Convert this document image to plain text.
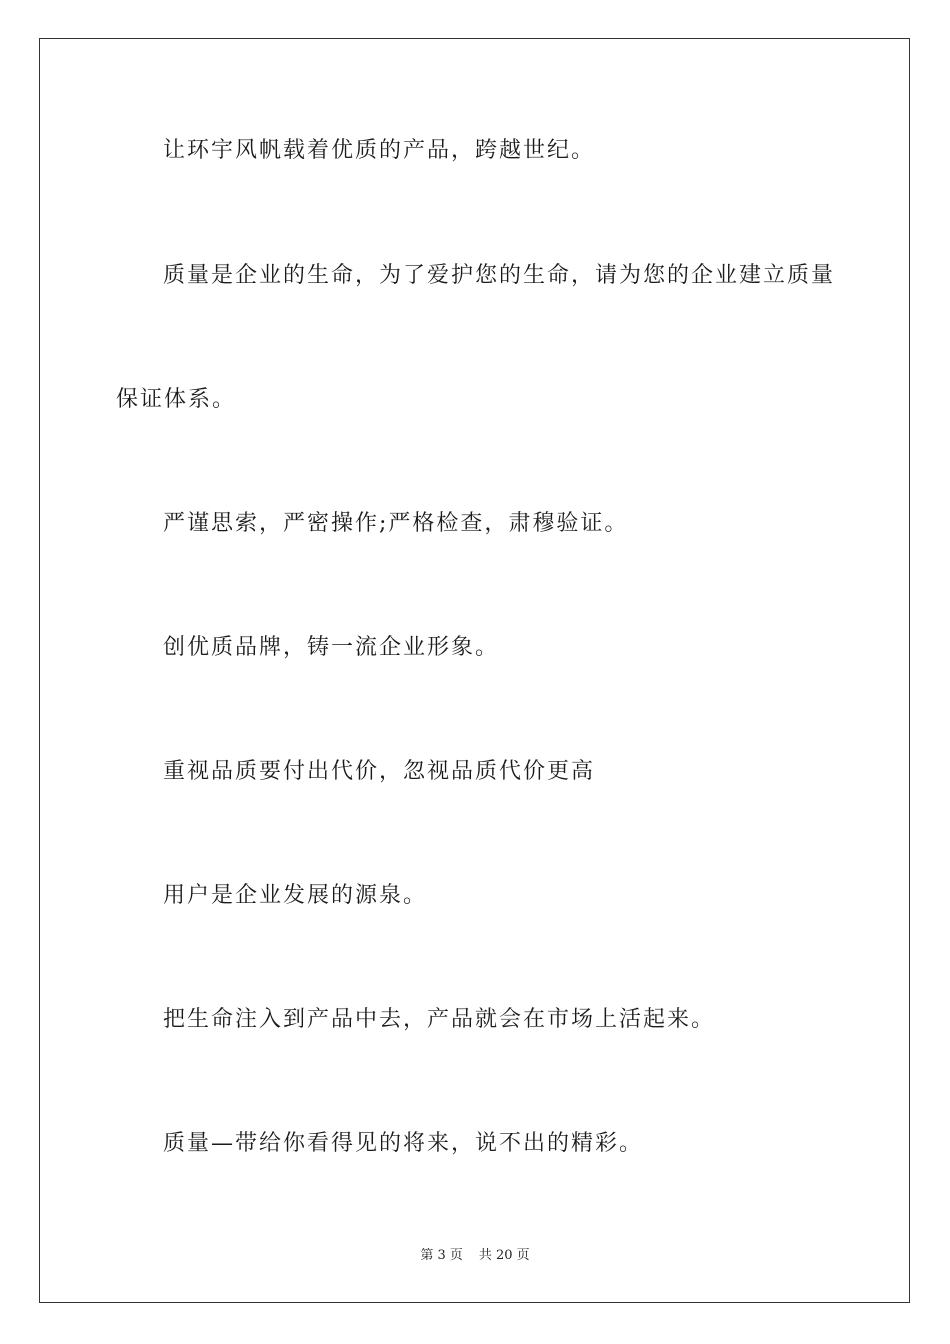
让环宇风帆载着优质的产品，跨越世纪。
质量是企业的生命，为了爱护您的生命，请为您的企业建立质量
保证体系。
严谨思索，严密操作;严格检查，肃穆验证。
创优质品牌，铸一流企业形象。
重视品质要付出代价，忽视品质代价更高
用户是企业发展的源泉。
把生命注入到产品中去，产品就会在市场上活起来。
质量—带给你看得见的将来，说不出的精彩。
第 3 页 共 20 页
